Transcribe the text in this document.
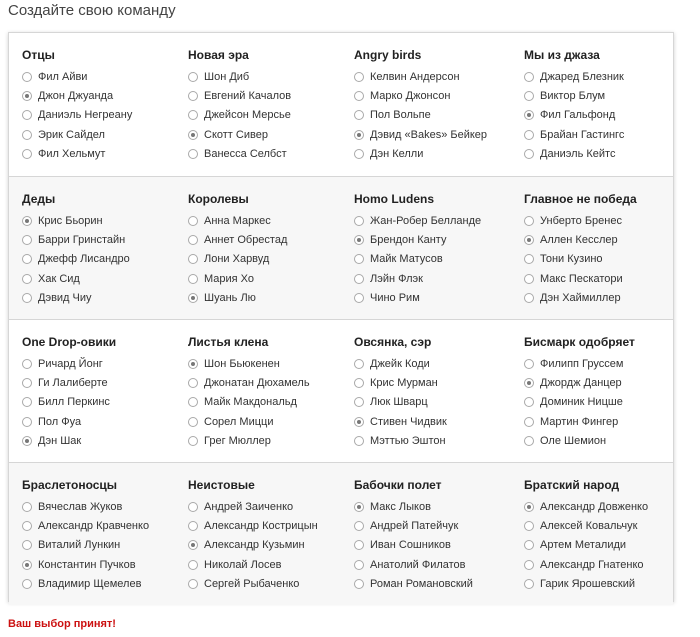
Создайте свою команду
Отцы
Фил Айви
Джон Джуанда
Даниэль Негреану
Эрик Сайдел
Фил Хельмут
Новая эра
Шон Диб
Евгений Качалов
Джейсон Мерсье
Скотт Сивер
Ванесса Селбст
Angry birds
Келвин Андерсон
Марко Джонсон
Пол Вольпе
Дэвид «Bakes» Бейкер
Дэн Келли
Мы из джаза
Джаред Блезник
Виктор Блум
Фил Гальфонд
Брайан Гастингс
Даниэль Кейтс
Деды
Крис Бьорин
Барри Гринстайн
Джефф Лисандро
Хак Сид
Дэвид Чиу
Королевы
Анна Маркес
Аннет Обрестад
Лони Харвуд
Мария Хо
Шуань Лю
Homo Ludens
Жан-Робер Белланде
Брендон Канту
Майк Матусов
Лэйн Флэк
Чино Рим
Главное не победа
Унберто Бренес
Аллен Кесслер
Тони Кузино
Макс Пескатори
Дэн Хаймиллер
One Drop-овики
Ричард Йонг
Ги Лалиберте
Билл Перкинс
Пол Фуа
Дэн Шак
Листья клена
Шон Бьюкенен
Джонатан Дюхамель
Майк Макдональд
Сорел Мицци
Грег Мюллер
Овсянка, сэр
Джейк Коди
Крис Мурман
Люк Шварц
Стивен Чидвик
Мэттью Эштон
Бисмарк одобряет
Филипп Груссем
Джордж Данцер
Доминик Ницше
Мартин Фингер
Оле Шемион
Браслетоносцы
Вячеслав Жуков
Александр Кравченко
Виталий Лункин
Константин Пучков
Владимир Щемелев
Неистовые
Андрей Заиченко
Александр Кострицын
Александр Кузьмин
Николай Лосев
Сергей Рыбаченко
Бабочки полет
Макс Лыков
Андрей Патейчук
Иван Сошников
Анатолий Филатов
Роман Романовский
Братский народ
Александр Довженко
Алексей Ковальчук
Артем Металиди
Александр Гнатенко
Гарик Ярошевский
Ваш выбор принят!
